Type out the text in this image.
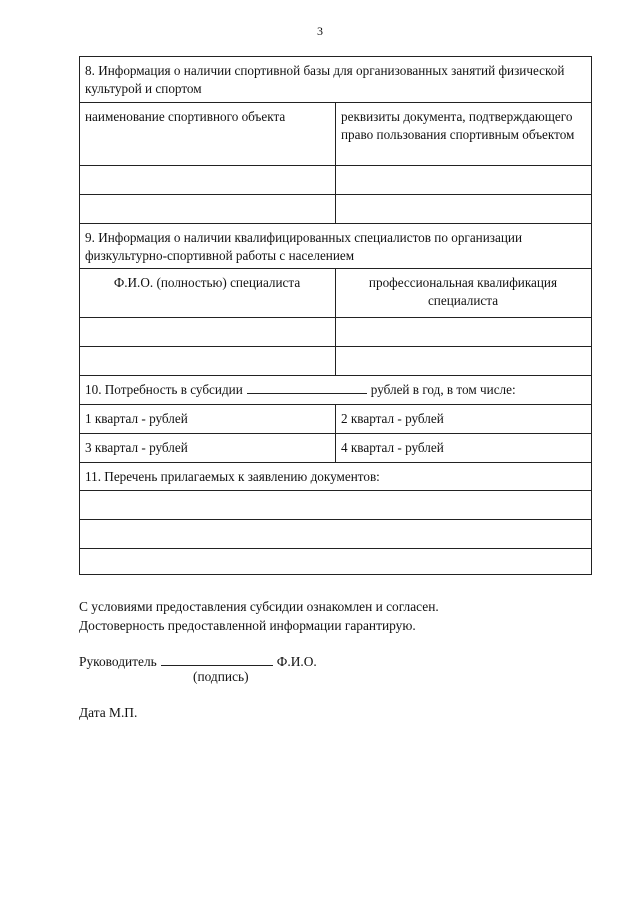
3
8. Информация о наличии спортивной базы для организованных занятий физической культурой и спортом
наименование спортивного объекта	реквизиты документа, подтверждающего право пользования спортивным объектом
9. Информация о наличии квалифицированных специалистов по организации физкультурно-спортивной работы с населением
Ф.И.О. (полностью) специалиста	профессиональная квалификация специалиста
10. Потребность в субсидии	рублей в год, в том числе:
1 квартал - рублей	2 квартал - рублей
3 квартал - рублей	4 квартал - рублей
11. Перечень прилагаемых к заявлению документов:
С условиями предоставления субсидии ознакомлен и согласен.
Достоверность предоставленной информации гарантирую.
Руководитель	Ф.И.О.
(подпись)
Дата М.П.
